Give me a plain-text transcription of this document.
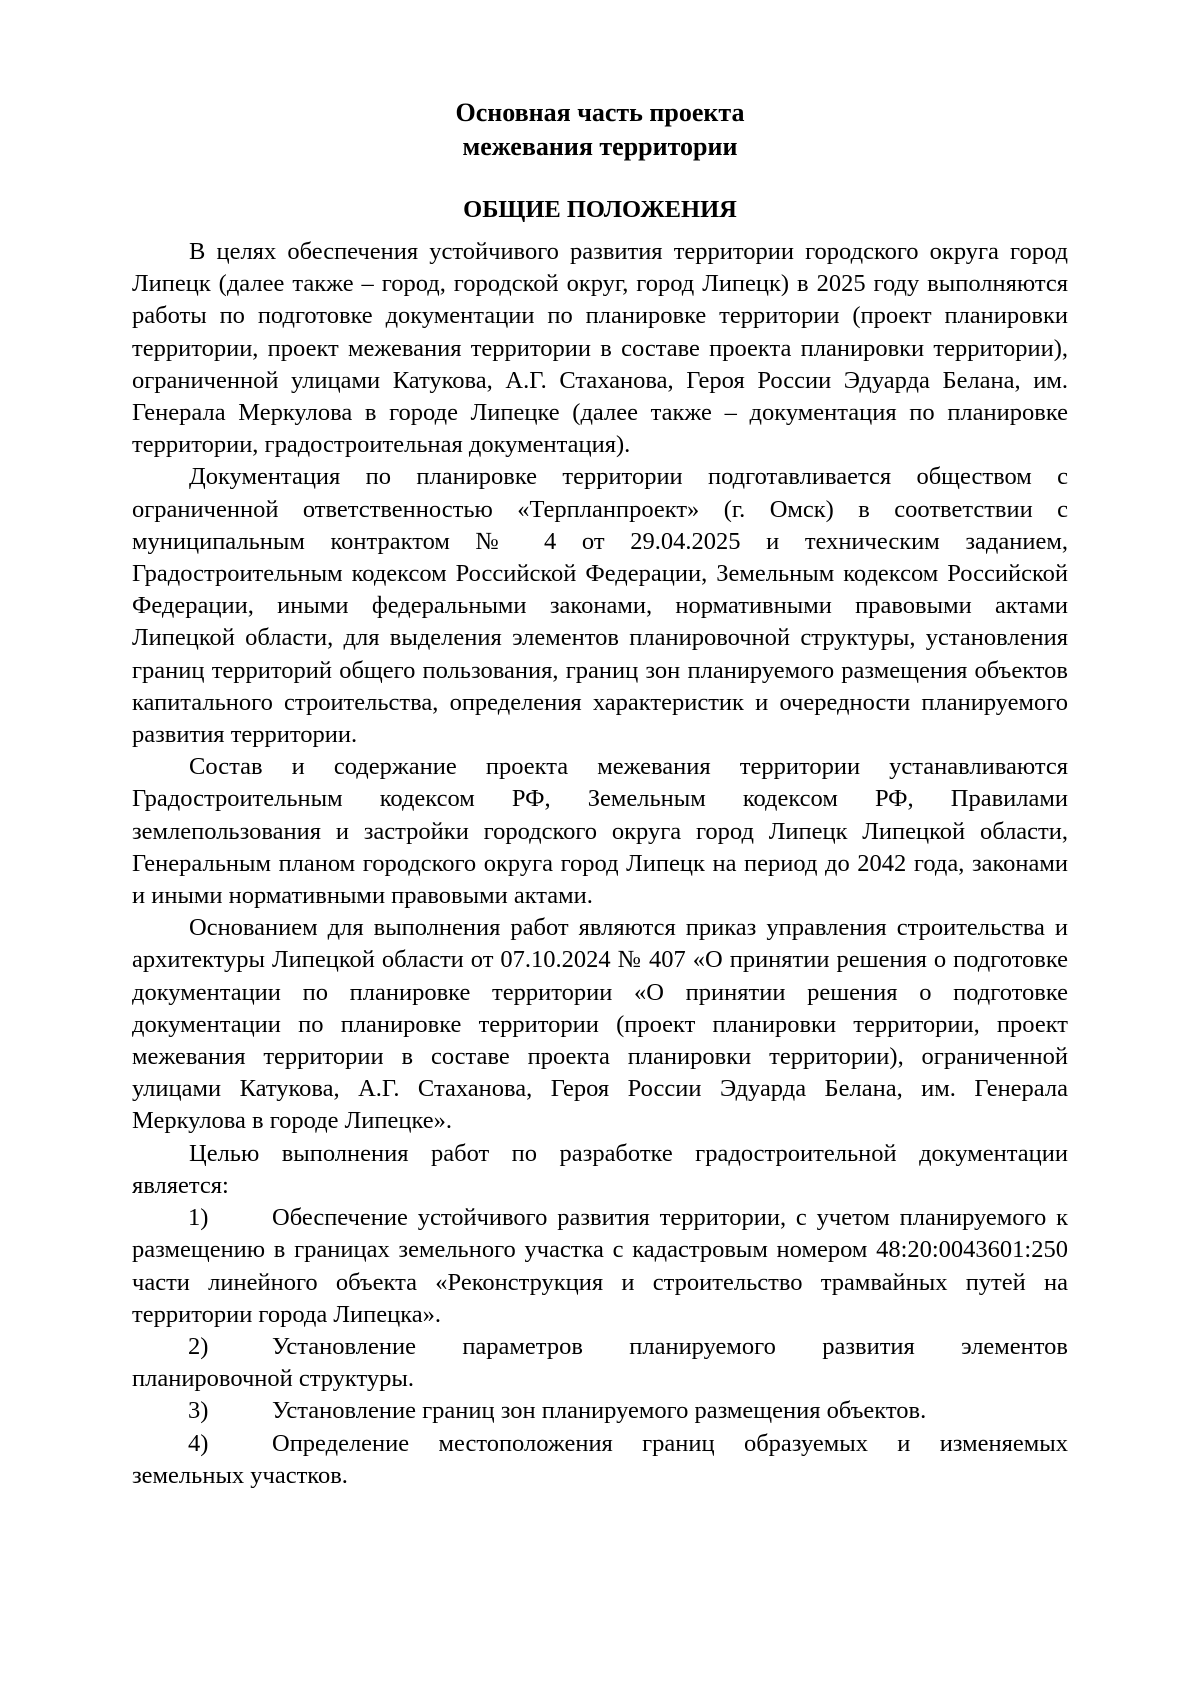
Основная часть проекта
межевания территории

ОБЩИЕ ПОЛОЖЕНИЯ

В целях обеспечения устойчивого развития территории городского округа город Липецк (далее также – город, городской округ, город Липецк) в 2025 году выполняются работы по подготовке документации по планировке территории (проект планировки территории, проект межевания территории в составе проекта планировки территории), ограниченной улицами Катукова, А.Г. Стаханова, Героя России Эдуарда Белана, им. Генерала Меркулова в городе Липецке (далее также – документация по планировке территории, градостроительная документация).

Документация по планировке территории подготавливается обществом с ограниченной ответственностью «Терпланпроект» (г. Омск) в соответствии с муниципальным контрактом № 4 от 29.04.2025 и техническим заданием, Градостроительным кодексом Российской Федерации, Земельным кодексом Российской Федерации, иными федеральными законами, нормативными правовыми актами Липецкой области, для выделения элементов планировочной структуры, установления границ территорий общего пользования, границ зон планируемого размещения объектов капитального строительства, определения характеристик и очередности планируемого развития территории.

Состав и содержание проекта межевания территории устанавливаются Градостроительным кодексом РФ, Земельным кодексом РФ, Правилами землепользования и застройки городского округа город Липецк Липецкой области, Генеральным планом городского округа город Липецк на период до 2042 года, законами и иными нормативными правовыми актами.

Основанием для выполнения работ являются приказ управления строительства и архитектуры Липецкой области от 07.10.2024 № 407 «О принятии решения о подготовке документации по планировке территории «О принятии решения о подготовке документации по планировке территории (проект планировки территории, проект межевания территории в составе проекта планировки территории), ограниченной улицами Катукова, А.Г. Стаханова, Героя России Эдуарда Белана, им. Генерала Меркулова в городе Липецке».

Целью выполнения работ по разработке градостроительной документации является:

1)	Обеспечение устойчивого развития территории, с учетом планируемого к размещению в границах земельного участка с кадастровым номером 48:20:0043601:250 части линейного объекта «Реконструкция и строительство трамвайных путей на территории города Липецка».

2)	Установление параметров планируемого развития элементов планировочной структуры.

3)	Установление границ зон планируемого размещения объектов.

4)	Определение местоположения границ образуемых и изменяемых земельных участков.
